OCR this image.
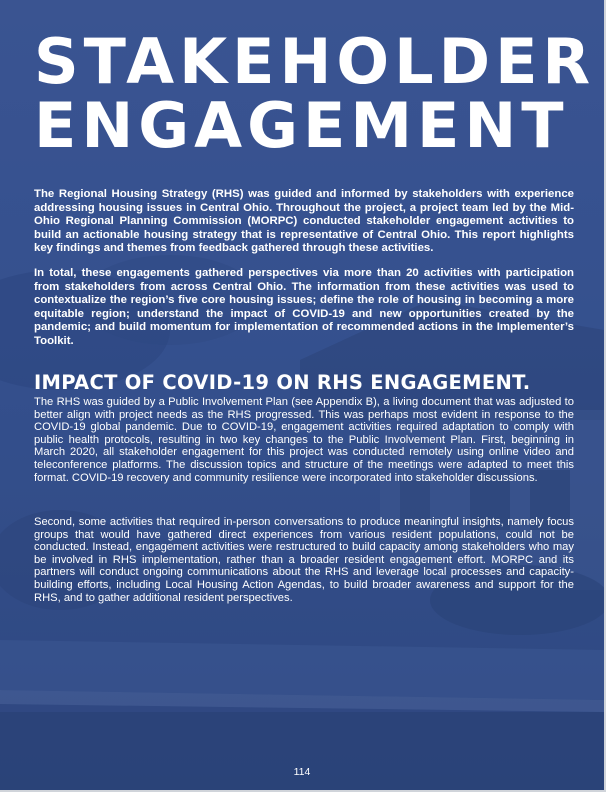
STAKEHOLDER
ENGAGEMENT

The Regional Housing Strategy (RHS) was guided and informed by stakeholders with experience addressing housing issues in Central Ohio. Throughout the project, a project team led by the Mid-Ohio Regional Planning Commission (MORPC) conducted stakeholder engagement activities to build an actionable housing strategy that is representative of Central Ohio. This report highlights key findings and themes from feedback gathered through these activities.

In total, these engagements gathered perspectives via more than 20 activities with participation from stakeholders from across Central Ohio. The information from these activities was used to contextualize the region’s five core housing issues; define the role of housing in becoming a more equitable region; understand the impact of COVID-19 and new opportunities created by the pandemic; and build momentum for implementation of recommended actions in the Implementer’s Toolkit.

IMPACT OF COVID-19 ON RHS ENGAGEMENT.

The RHS was guided by a Public Involvement Plan (see Appendix B), a living document that was adjusted to better align with project needs as the RHS progressed. This was perhaps most evident in response to the COVID-19 global pandemic. Due to COVID-19, engagement activities required adaptation to comply with public health protocols, resulting in two key changes to the Public Involvement Plan. First, beginning in March 2020, all stakeholder engagement for this project was conducted remotely using online video and teleconference platforms. The discussion topics and structure of the meetings were adapted to meet this format. COVID-19 recovery and community resilience were incorporated into stakeholder discussions.

Second, some activities that required in-person conversations to produce meaningful insights, namely focus groups that would have gathered direct experiences from various resident populations, could not be conducted. Instead, engagement activities were restructured to build capacity among stakeholders who may be involved in RHS implementation, rather than a broader resident engagement effort. MORPC and its partners will conduct ongoing communications about the RHS and leverage local processes and capacity-building efforts, including Local Housing Action Agendas, to build broader awareness and support for the RHS, and to gather additional resident perspectives.

114
